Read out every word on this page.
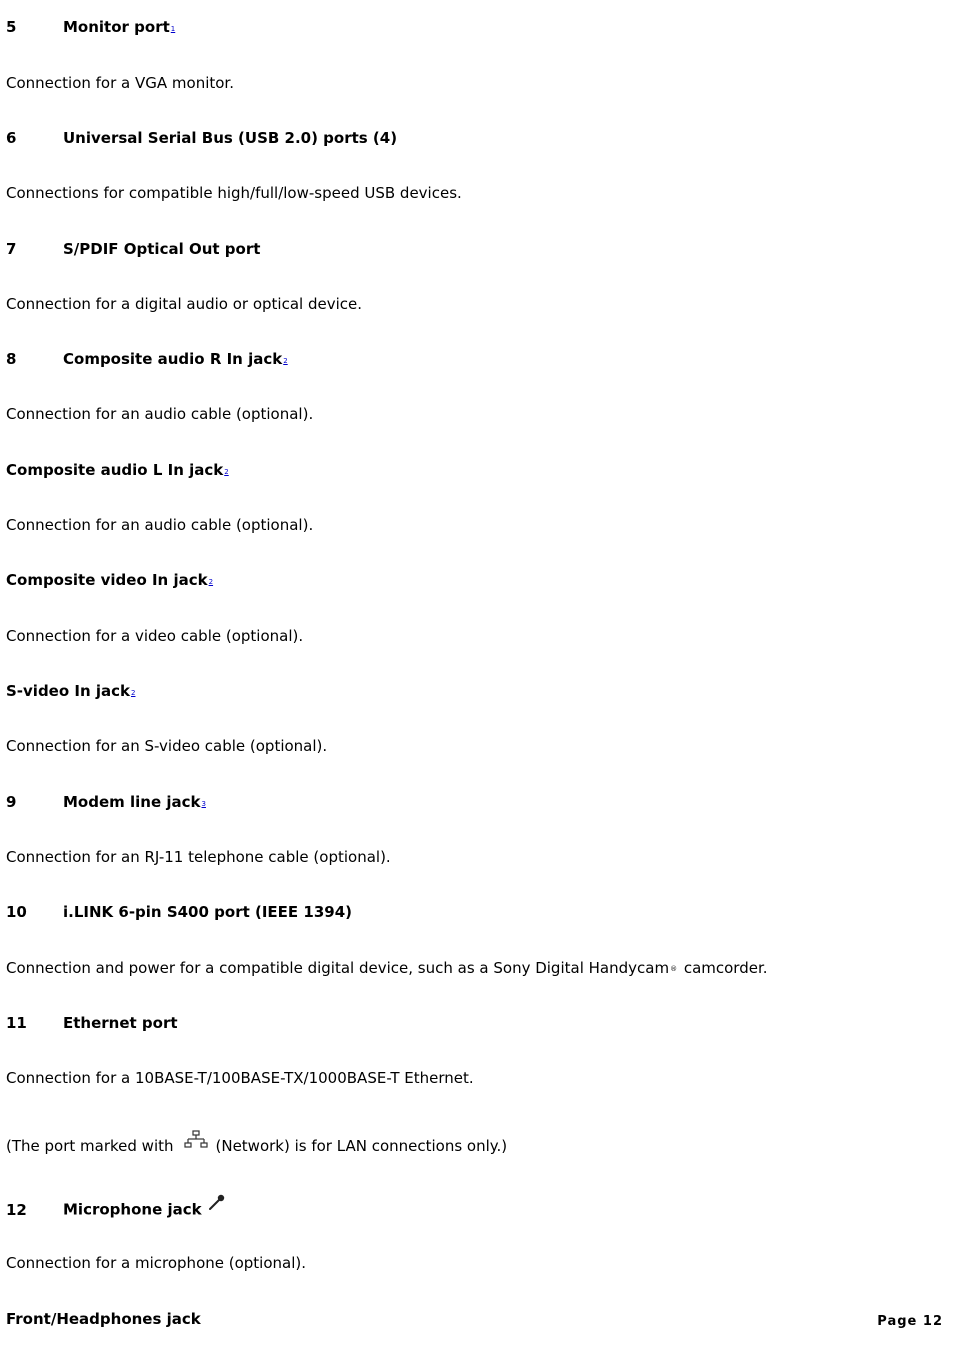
5	Monitor port1
Connection for a VGA monitor.
6	Universal Serial Bus (USB 2.0) ports (4)
Connections for compatible high/full/low-speed USB devices.
7	S/PDIF Optical Out port
Connection for a digital audio or optical device.
8	Composite audio R In jack2
Connection for an audio cable (optional).
Composite audio L In jack2
Connection for an audio cable (optional).
Composite video In jack2
Connection for a video cable (optional).
S-video In jack2
Connection for an S-video cable (optional).
9	Modem line jack3
Connection for an RJ-11 telephone cable (optional).
10 i.LINK 6-pin S400 port (IEEE 1394)
Connection and power for a compatible digital device, such as a Sony Digital Handycam® camcorder.
11 Ethernet port
Connection for a 10BASE-T/100BASE-TX/1000BASE-T Ethernet.
(The port marked with	(Network) is for LAN connections only.)
12 Microphone jack
Connection for a microphone (optional).
Front/Headphones jack	Page 12
